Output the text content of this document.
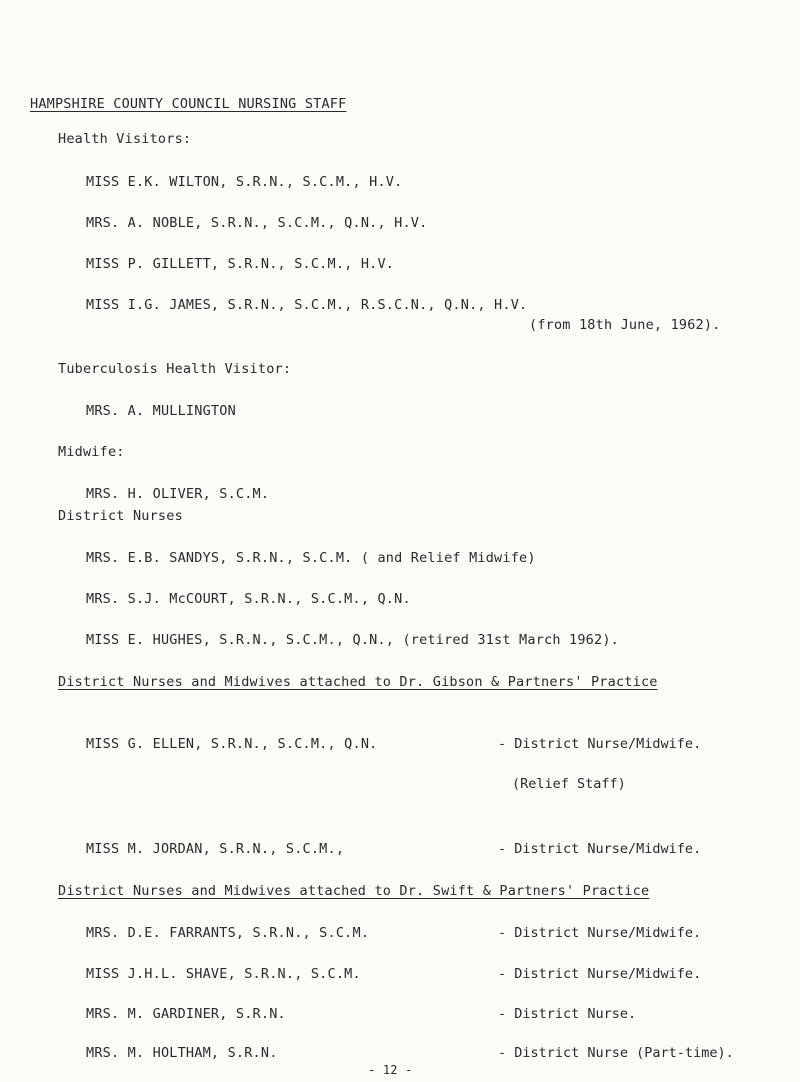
HAMPSHIRE COUNTY COUNCIL NURSING STAFF
Health Visitors:
MISS E.K. WILTON, S.R.N., S.C.M., H.V.
MRS. A. NOBLE, S.R.N., S.C.M., Q.N., H.V.
MISS P. GILLETT, S.R.N., S.C.M., H.V.
MISS I.G. JAMES, S.R.N., S.C.M., R.S.C.N., Q.N., H.V.
(from 18th June, 1962).
Tuberculosis Health Visitor:
MRS. A. MULLINGTON
Midwife:
MRS. H. OLIVER, S.C.M.
District Nurses
MRS. E.B. SANDYS, S.R.N., S.C.M. ( and Relief Midwife)
MRS. S.J. McCOURT, S.R.N., S.C.M., Q.N.
MISS E. HUGHES, S.R.N., S.C.M., Q.N., (retired 31st March 1962).
District Nurses and Midwives attached to Dr. Gibson & Partners' Practice
MISS G. ELLEN, S.R.N., S.C.M., Q.N.	- District Nurse/Midwife.
(Relief Staff)
MISS M. JORDAN, S.R.N., S.C.M.,	- District Nurse/Midwife.
District Nurses and Midwives attached to Dr. Swift & Partners' Practice
MRS. D.E. FARRANTS, S.R.N., S.C.M.	- District Nurse/Midwife.
MISS J.H.L. SHAVE, S.R.N., S.C.M.	- District Nurse/Midwife.
MRS. M. GARDINER, S.R.N.	- District Nurse.
MRS. M. HOLTHAM, S.R.N.	- District Nurse (Part-time).
- 12 -
